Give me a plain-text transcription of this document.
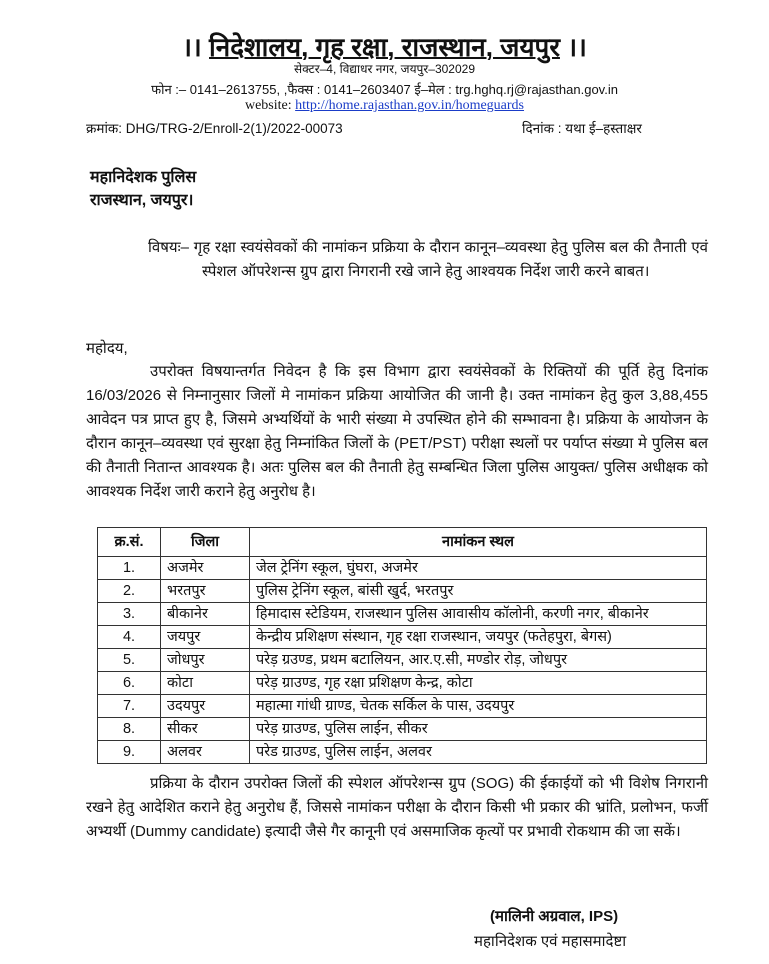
।। निदेशालय, गृह रक्षा, राजस्थान, जयपुर ।।
सेक्टर–4, विद्याधर नगर, जयपुर–302029
फोन :– 0141–2613755, ,फैक्स : 0141–2603407 ई–मेल : trg.hghq.rj@rajasthan.gov.in
website: http://home.rajasthan.gov.in/homeguards
क्रमांक: DHG/TRG-2/Enroll-2(1)/2022-00073	दिनांक : यथा ई–हस्ताक्षर
महानिदेशक पुलिस
राजस्थान, जयपुर।
विषयः– गृह रक्षा स्वयंसेवकों की नामांकन प्रक्रिया के दौरान कानून–व्यवस्था हेतु पुलिस बल की तैनाती एवं स्पेशल ऑपरेशन्स ग्रुप द्वारा निगरानी रखे जाने हेतु आश्वयक निर्देश जारी करने बाबत।
महोदय,
उपरोक्त विषयान्तर्गत निवेदन है कि इस विभाग द्वारा स्वयंसेवकों के रिक्तियों की पूर्ति हेतु दिनांक 16/03/2026 से निम्नानुसार जिलों मे नामांकन प्रक्रिया आयोजित की जानी है। उक्त नामांकन हेतु कुल 3,88,455 आवेदन पत्र प्राप्त हुए है, जिसमे अभ्यर्थियों के भारी संख्या मे उपस्थित होने की सम्भावना है। प्रक्रिया के आयोजन के दौरान कानून–व्यवस्था एवं सुरक्षा हेतु निम्नांकित जिलों के (PET/PST) परीक्षा स्थलों पर पर्याप्त संख्या मे पुलिस बल की तैनाती नितान्त आवश्यक है। अतः पुलिस बल की तैनाती हेतु सम्बन्धित जिला पुलिस आयुक्त/ पुलिस अधीक्षक को आवश्यक निर्देश जारी कराने हेतु अनुरोध है।
क्र.सं.	जिला	नामांकन स्थल
1.	अजमेर	जेल ट्रेनिंग स्कूल, घुंघरा, अजमेर
2.	भरतपुर	पुलिस ट्रेनिंग स्कूल, बांसी खुर्द, भरतपुर
3.	बीकानेर	हिमादास स्टेडियम, राजस्थान पुलिस आवासीय कॉलोनी, करणी नगर, बीकानेर
4.	जयपुर	केन्द्रीय प्रशिक्षण संस्थान, गृह रक्षा राजस्थान, जयपुर (फतेहपुरा, बेगस)
5.	जोधपुर	परेड़ ग्रउण्ड, प्रथम बटालियन, आर.ए.सी, मण्डोर रोड़, जोधपुर
6.	कोटा	परेड़ ग्राउण्ड, गृह रक्षा प्रशिक्षण केन्द्र, कोटा
7.	उदयपुर	महात्मा गांधी ग्राण्ड, चेतक सर्किल के पास, उदयपुर
8.	सीकर	परेड़ ग्राउण्ड, पुलिस लाईन, सीकर
9.	अलवर	परेड ग्राउण्ड, पुलिस लाईन, अलवर
प्रक्रिया के दौरान उपरोक्त जिलों की स्पेशल ऑपरेशन्स ग्रुप (SOG) की ईकाईयों को भी विशेष निगरानी रखने हेतु आदेशित कराने हेतु अनुरोध हैं, जिससे नामांकन परीक्षा के दौरान किसी भी प्रकार की भ्रांति, प्रलोभन, फर्जी अभ्यर्थी (Dummy candidate) इत्यादी जैसे गैर कानूनी एवं असमाजिक कृत्यों पर प्रभावी रोकथाम की जा सकें।
(मालिनी अग्रवाल, IPS)
महानिदेशक एवं महासमादेष्टा
